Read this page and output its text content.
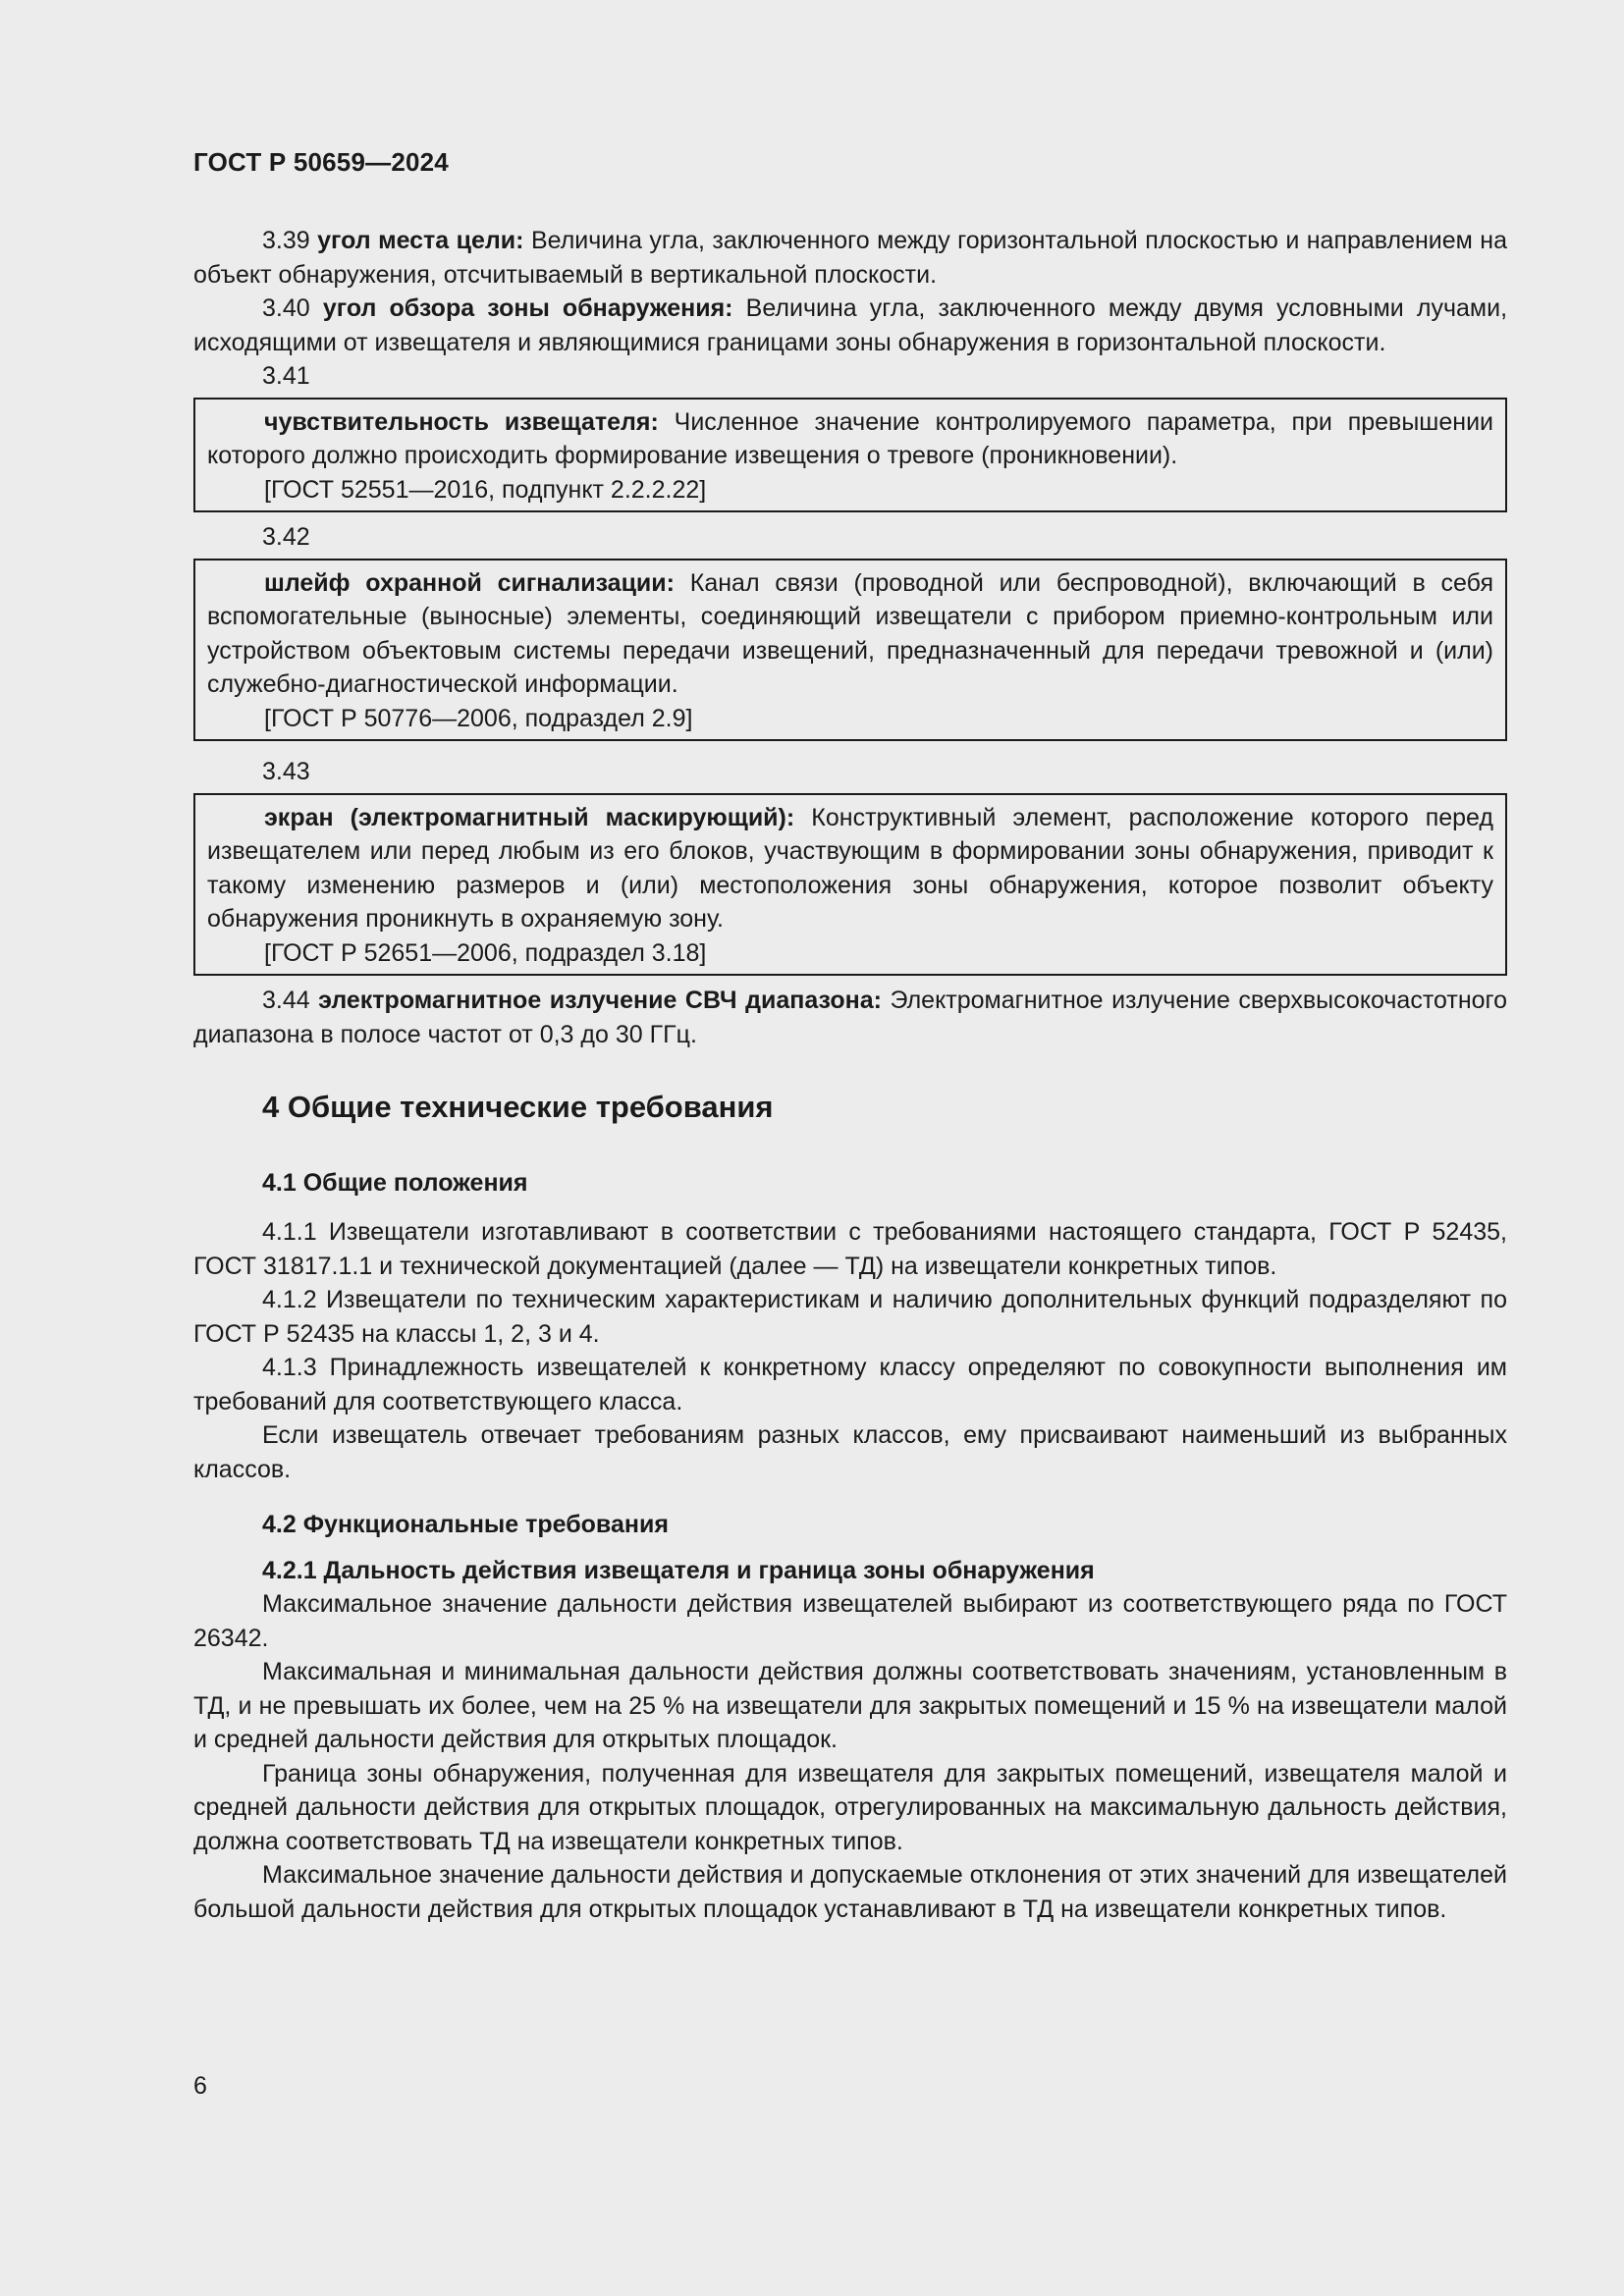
ГОСТ Р 50659—2024

3.39 угол места цели: Величина угла, заключенного между горизонтальной плоскостью и направлением на объект обнаружения, отсчитываемый в вертикальной плоскости.

3.40 угол обзора зоны обнаружения: Величина угла, заключенного между двумя условными лучами, исходящими от извещателя и являющимися границами зоны обнаружения в горизонтальной плоскости.

3.41

чувствительность извещателя: Численное значение контролируемого параметра, при превышении которого должно происходить формирование извещения о тревоге (проникновении).

[ГОСТ 52551—2016, подпункт 2.2.2.22]

3.42

шлейф охранной сигнализации: Канал связи (проводной или беспроводной), включающий в себя вспомогательные (выносные) элементы, соединяющий извещатели с прибором приемно-контрольным или устройством объектовым системы передачи извещений, предназначенный для передачи тревожной и (или) служебно-диагностической информации.

[ГОСТ Р 50776—2006, подраздел 2.9]

3.43

экран (электромагнитный маскирующий): Конструктивный элемент, расположение которого перед извещателем или перед любым из его блоков, участвующим в формировании зоны обнаружения, приводит к такому изменению размеров и (или) местоположения зоны обнаружения, которое позволит объекту обнаружения проникнуть в охраняемую зону.

[ГОСТ Р 52651—2006, подраздел 3.18]

3.44 электромагнитное излучение СВЧ диапазона: Электромагнитное излучение сверхвысокочастотного диапазона в полосе частот от 0,3 до 30 ГГц.

4 Общие технические требования

4.1 Общие положения

4.1.1 Извещатели изготавливают в соответствии с требованиями настоящего стандарта, ГОСТ Р 52435, ГОСТ 31817.1.1 и технической документацией (далее — ТД) на извещатели конкретных типов.

4.1.2 Извещатели по техническим характеристикам и наличию дополнительных функций подразделяют по ГОСТ Р 52435 на классы 1, 2, 3 и 4.

4.1.3 Принадлежность извещателей к конкретному классу определяют по совокупности выполнения им требований для соответствующего класса.

Если извещатель отвечает требованиям разных классов, ему присваивают наименьший из выбранных классов.

4.2 Функциональные требования

4.2.1 Дальность действия извещателя и граница зоны обнаружения

Максимальное значение дальности действия извещателей выбирают из соответствующего ряда по ГОСТ 26342.

Максимальная и минимальная дальности действия должны соответствовать значениям, установленным в ТД, и не превышать их более, чем на 25 % на извещатели для закрытых помещений и 15 % на извещатели малой и средней дальности действия для открытых площадок.

Граница зоны обнаружения, полученная для извещателя для закрытых помещений, извещателя малой и средней дальности действия для открытых площадок, отрегулированных на максимальную дальность действия, должна соответствовать ТД на извещатели конкретных типов.

Максимальное значение дальности действия и допускаемые отклонения от этих значений для извещателей большой дальности действия для открытых площадок устанавливают в ТД на извещатели конкретных типов.

6
